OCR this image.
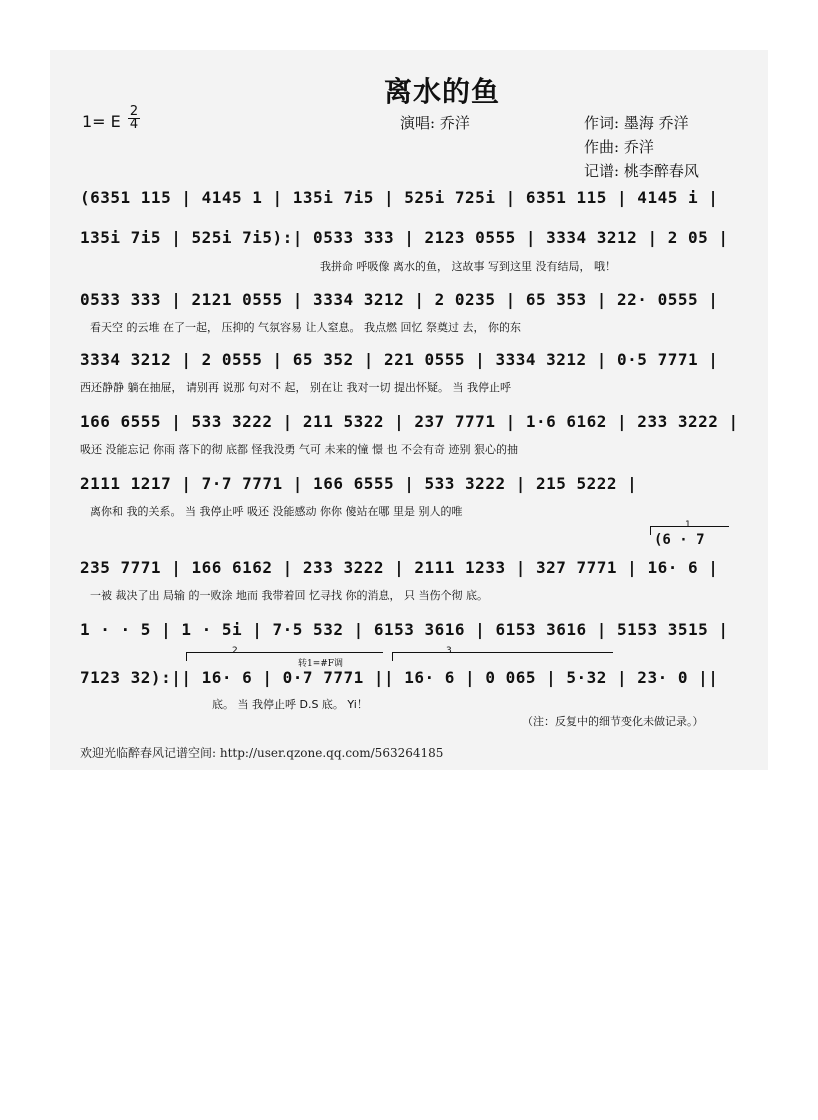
离水的鱼
1= E
2
4	演唱: 乔洋	作词: 墨海 乔洋
作曲: 乔洋
记谱: 桃李醉春风
(6351 115 | 4145 1 | 135i 7i5 | 525i 725i | 6351 115 | 4145 i |
135i 7i5 | 525i 7i5):| 0533 333 | 2123 0555 | 3334 3212 | 2 05 |
我拼命 呼吸像 离水的鱼， 这故事 写到这里 没有结局， 哦！
0533 333 | 2121 0555 | 3334 3212 | 2 0235 | 65 353 | 22· 0555 |
看天空 的云堆 在了一起， 压抑的 气氛容易 让人窒息。 我点燃 回忆 祭奠过 去， 你的东
3334 3212 | 2 0555 | 65 352 | 221 0555 | 3334 3212 | 0·5 7771 |
西还静静 躺在抽屉， 请别再 说那 句对不 起， 别在让 我对一切 提出怀疑。 当 我停止呼
166 6555 | 533 3222 | 211 5322 | 237 7771 | 1·6 6162 | 233 3222 |
吸还 没能忘记 你雨 落下的彻 底都 怪我没勇 气可 未来的憧 憬 也 不会有奇 迹别 狠心的抽
2111 1217 | 7·7 7771 | 166 6555 | 533 3222 | 215 5222 |
离你和 我的关系。 当 我停止呼 吸还 没能感动 你你 傻站在哪 里是 别人的唯
1
(6 · 7
235 7771 | 166 6162 | 233 3222 | 2111 1233 | 327 7771 | 16· 6 |
一被 裁决了出 局输 的一败涂 地而 我带着回 忆寻找 你的消息， 只 当伤个彻 底。
1 · · 5 | 1 · 5i | 7·5 532 | 6153 3616 | 6153 3616 | 5153 3515 |
2	3
转1=#F调
7123 32):|| 16· 6 | 0·7 7771 || 16· 6 | 0 065 | 5·32 | 23· 0 ||
底。 当 我停止呼 D.S 底。 Yi！
（注：反复中的细节变化未做记录。）
欢迎光临醉春风记谱空间: http://user.qzone.qq.com/563264185
